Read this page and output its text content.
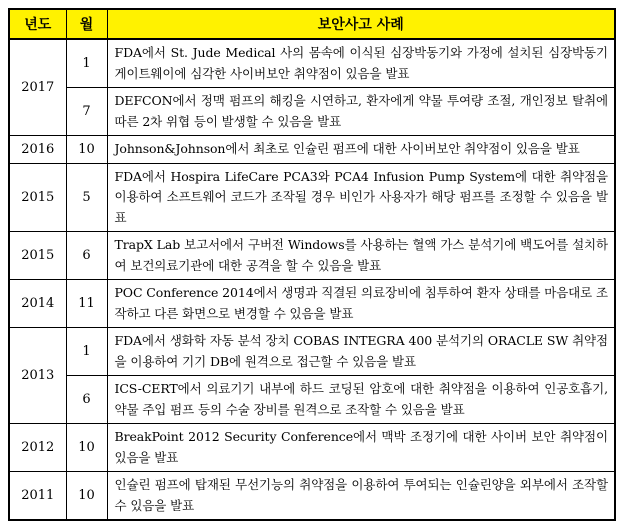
년도	월	보안사고 사례
2017	1	FDA에서 St. Jude Medical 사의 몸속에 이식된 심장박동기와 가정에 설치된 심장박동기 게이트웨이에 심각한 사이버보안 취약점이 있음을 발표
	7	DEFCON에서 정맥 펌프의 해킹을 시연하고, 환자에게 약물 투여량 조절, 개인정보 탈취에 따른 2차 위협 등이 발생할 수 있음을 발표
2016	10	Johnson&Johnson에서 최초로 인슐린 펌프에 대한 사이버보안 취약점이 있음을 발표
2015	5	FDA에서 Hospira LifeCare PCA3와 PCA4 Infusion Pump System에 대한 취약점을 이용하여 소프트웨어 코드가 조작될 경우 비인가 사용자가 해당 펌프를 조정할 수 있음을 발표
2015	6	TrapX Lab 보고서에서 구버전 Windows를 사용하는 혈액 가스 분석기에 백도어를 설치하여 보건의료기관에 대한 공격을 할 수 있음을 발표
2014	11	POC Conference 2014에서 생명과 직결된 의료장비에 침투하여 환자 상태를 마음대로 조작하고 다른 화면으로 변경할 수 있음을 발표
2013	1	FDA에서 생화학 자동 분석 장치 COBAS INTEGRA 400 분석기의 ORACLE SW 취약점을 이용하여 기기 DB에 원격으로 접근할 수 있음을 발표
	6	ICS-CERT에서 의료기기 내부에 하드 코딩된 암호에 대한 취약점을 이용하여 인공호흡기, 약물 주입 펌프 등의 수술 장비를 원격으로 조작할 수 있음을 발표
2012	10	BreakPoint 2012 Security Conference에서 맥박 조정기에 대한 사이버 보안 취약점이 있음을 발표
2011	10	인슐린 펌프에 탑재된 무선기능의 취약점을 이용하여 투여되는 인슐린양을 외부에서 조작할 수 있음을 발표
